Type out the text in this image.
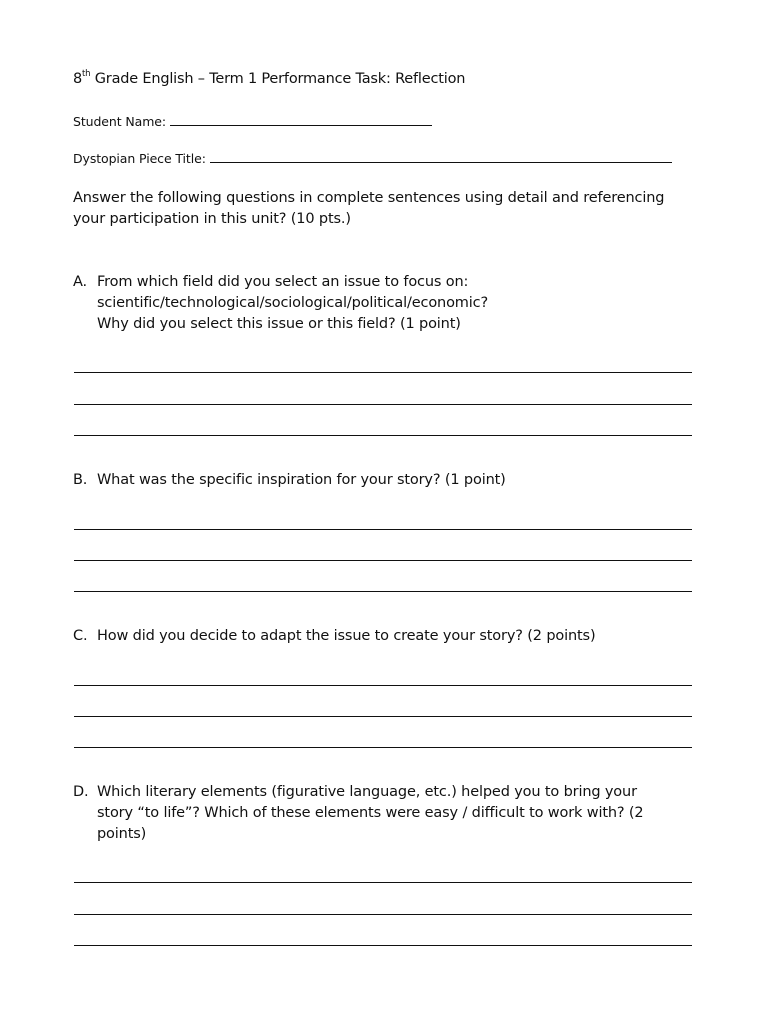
8th Grade English – Term 1 Performance Task: Reflection
Student Name:
Dystopian Piece Title:
Answer the following questions in complete sentences using detail and referencing
your participation in this unit? (10 pts.)
A. From which field did you select an issue to focus on:
scientific/technological/sociological/political/economic?
Why did you select this issue or this field? (1 point)
B. What was the specific inspiration for your story? (1 point)
C. How did you decide to adapt the issue to create your story? (2 points)
D. Which literary elements (figurative language, etc.) helped you to bring your
story “to life”? Which of these elements were easy / difficult to work with? (2
points)
